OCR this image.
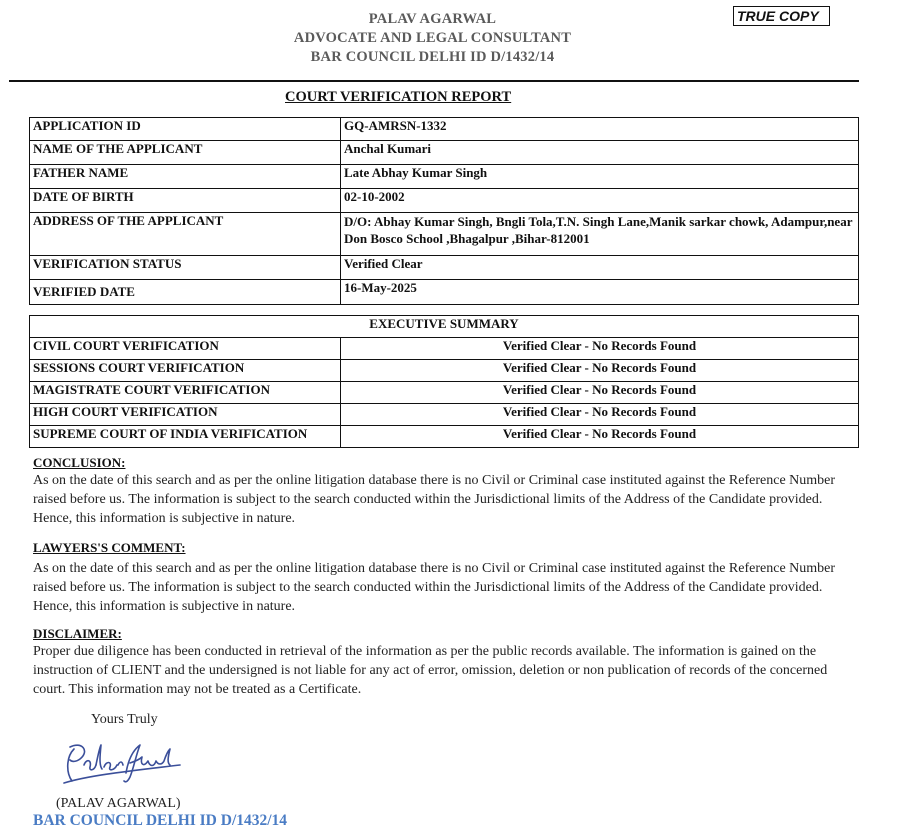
PALAV AGARWAL
ADVOCATE AND LEGAL CONSULTANT
BAR COUNCIL DELHI ID D/1432/14
TRUE COPY
COURT VERIFICATION REPORT
APPLICATION ID	GQ-AMRSN-1332
NAME OF THE APPLICANT	Anchal Kumari
FATHER NAME	Late Abhay Kumar Singh
DATE OF BIRTH	02-10-2002
ADDRESS OF THE APPLICANT	D/O: Abhay Kumar Singh, Bngli Tola,T.N. Singh Lane,Manik sarkar chowk, Adampur,near Don Bosco School ,Bhagalpur ,Bihar-812001
VERIFICATION STATUS	Verified Clear
VERIFIED DATE	16-May-2025
EXECUTIVE SUMMARY	
CIVIL COURT VERIFICATION	Verified Clear - No Records Found
SESSIONS COURT VERIFICATION	Verified Clear - No Records Found
MAGISTRATE COURT VERIFICATION	Verified Clear - No Records Found
HIGH COURT VERIFICATION	Verified Clear - No Records Found
SUPREME COURT OF INDIA VERIFICATION	Verified Clear - No Records Found
CONCLUSION:
As on the date of this search and as per the online litigation database there is no Civil or Criminal case instituted against the Reference Number raised before us. The information is subject to the search conducted within the Jurisdictional limits of the Address of the Candidate provided. Hence, this information is subjective in nature.
LAWYERS'S COMMENT:
As on the date of this search and as per the online litigation database there is no Civil or Criminal case instituted against the Reference Number raised before us. The information is subject to the search conducted within the Jurisdictional limits of the Address of the Candidate provided. Hence, this information is subjective in nature.
DISCLAIMER:
Proper due diligence has been conducted in retrieval of the information as per the public records available. The information is gained on the instruction of CLIENT and the undersigned is not liable for any act of error, omission, deletion or non publication of records of the concerned court. This information may not be treated as a Certificate.
Yours Truly
(PALAV AGARWAL)
BAR COUNCIL DELHI ID D/1432/14
